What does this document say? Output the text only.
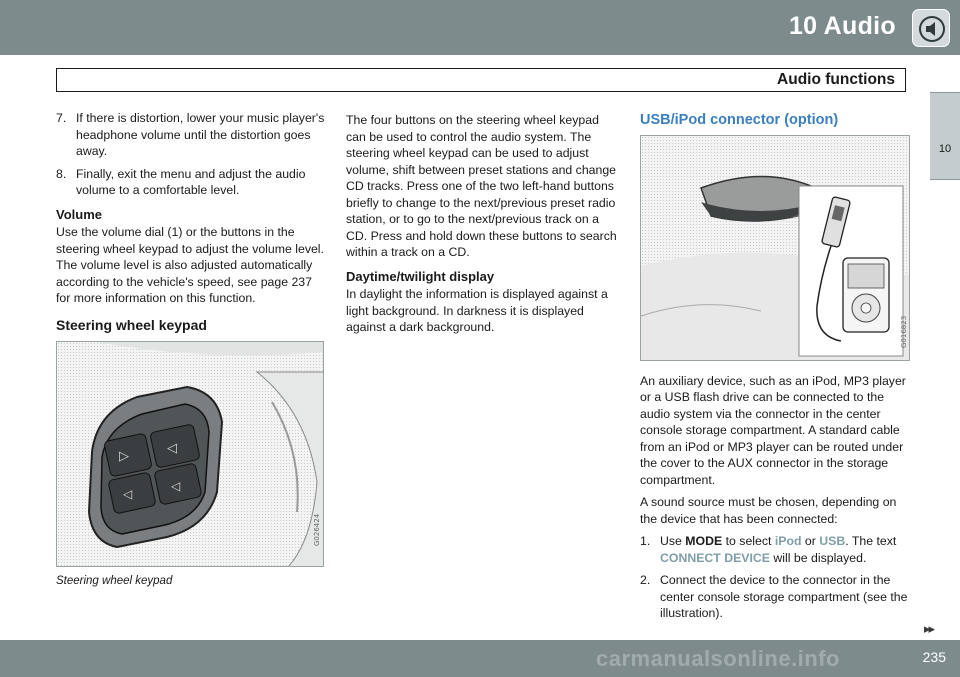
10 Audio
Audio functions
10
7. If there is distortion, lower your music player's headphone volume until the distortion goes away.
8. Finally, exit the menu and adjust the audio volume to a comfortable level.
Volume

Use the volume dial (1) or the buttons in the steering wheel keypad to adjust the volume level. The volume level is also adjusted automatically according to the vehicle's speed, see page 237 for more information on this function.

Steering wheel keypad
▷
◁
◁
◁
G026424
Steering wheel keypad

The four buttons on the steering wheel keypad can be used to control the audio system. The steering wheel keypad can be used to adjust volume, shift between preset stations and change CD tracks. Press one of the two left-hand buttons briefly to change to the next/previous preset radio station, or to go to the next/previous track on a CD. Press and hold down these buttons to search within a track on a CD.

Daytime/twilight display

In daylight the information is displayed against a light background. In darkness it is displayed against a dark background.

USB/iPod connector (option)
G016823

An auxiliary device, such as an iPod, MP3 player or a USB flash drive can be connected to the audio system via the connector in the center console storage compartment. A standard cable from an iPod or MP3 player can be routed under the cover to the AUX connector in the storage compartment.

A sound source must be chosen, depending on the device that has been connected:

1. Use MODE to select iPod or USB. The text CONNECT DEVICE will be displayed.
2. Connect the device to the connector in the center console storage compartment (see the illustration).
▸▸
carmanualsonline.info	235
